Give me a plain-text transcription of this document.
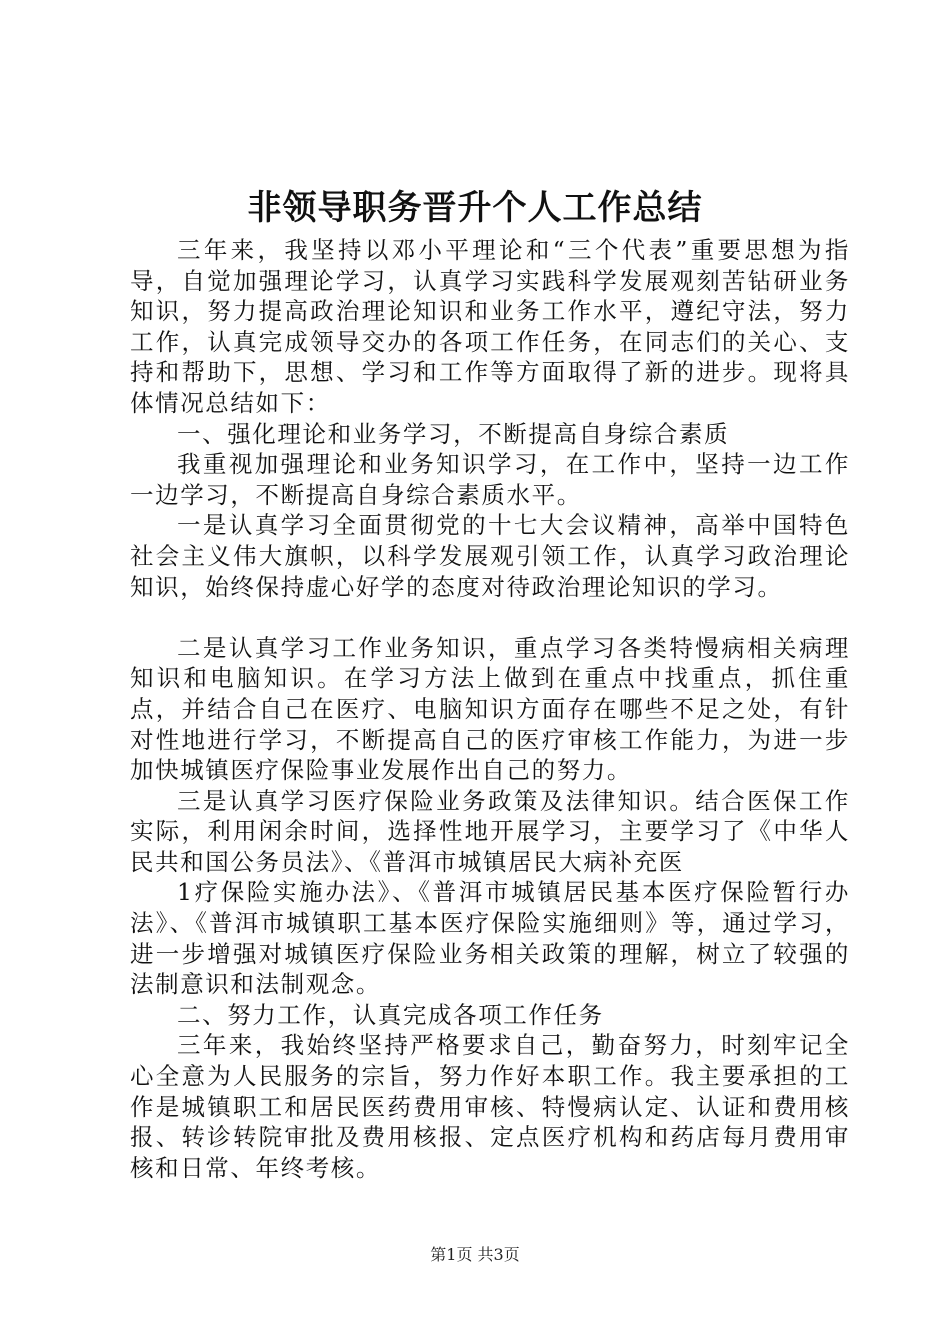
非领导职务晋升个人工作总结

三年来，我坚持以邓小平理论和“三个代表”重要思想为指导，自觉加强理论学习，认真学习实践科学发展观刻苦钻研业务知识，努力提高政治理论知识和业务工作水平，遵纪守法，努力工作，认真完成领导交办的各项工作任务，在同志们的关心、支持和帮助下，思想、学习和工作等方面取得了新的进步。现将具体情况总结如下：

一、强化理论和业务学习，不断提高自身综合素质

我重视加强理论和业务知识学习，在工作中，坚持一边工作一边学习，不断提高自身综合素质水平。

一是认真学习全面贯彻党的十七大会议精神，高举中国特色社会主义伟大旗帜，以科学发展观引领工作，认真学习政治理论知识，始终保持虚心好学的态度对待政治理论知识的学习。

二是认真学习工作业务知识，重点学习各类特慢病相关病理知识和电脑知识。在学习方法上做到在重点中找重点，抓住重点，并结合自己在医疗、电脑知识方面存在哪些不足之处，有针对性地进行学习，不断提高自己的医疗审核工作能力，为进一步加快城镇医疗保险事业发展作出自己的努力。

三是认真学习医疗保险业务政策及法律知识。结合医保工作实际，利用闲余时间，选择性地开展学习，主要学习了《中华人民共和国公务员法》、《普洱市城镇居民大病补充医

1疗保险实施办法》、《普洱市城镇居民基本医疗保险暂行办法》、《普洱市城镇职工基本医疗保险实施细则》等，通过学习，进一步增强对城镇医疗保险业务相关政策的理解，树立了较强的法制意识和法制观念。

二、努力工作，认真完成各项工作任务

三年来，我始终坚持严格要求自己，勤奋努力，时刻牢记全心全意为人民服务的宗旨，努力作好本职工作。我主要承担的工作是城镇职工和居民医药费用审核、特慢病认定、认证和费用核报、转诊转院审批及费用核报、定点医疗机构和药店每月费用审核和日常、年终考核。

第1页 共3页
